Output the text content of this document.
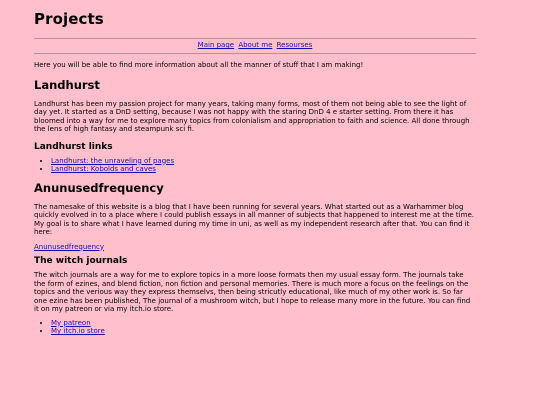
Projects
Main page About me Resourses

Here you will be able to find more information about all the manner of stuff that I am making!

Landhurst

Landhurst has been my passion project for many years, taking many forms, most of them not being able to see the light of day yet. It started as a DnD setting, because I was not happy with the staring DnD 4 e starter setting. From there it has bloomed into a way for me to explore many topics from colonialism and appropriation to faith and science. All done through the lens of high fantasy and steampunk sci fi.

Landhurst links
• Landhurst: the unraveling of pages
• Landhurst: Kobolds and caves
Anunusedfrequency

The namesake of this website is a blog that I have been running for several years. What started out as a Warhammer blog quickly evolved in to a place where I could publish essays in all manner of subjects that happened to interest me at the time. My goal is to share what I have learned during my time in uni, as well as my independent research after that. You can find it here:

Anunusedfrequency

The witch journals

The witch journals are a way for me to explore topics in a more loose formats then my usual essay form. The journals take the form of ezines, and blend fiction, non fiction and personal memories. There is much more a focus on the feelings on the topics and the verious way they express themselvs, then being stricutly educational, like much of my other work is. So far one ezine has been published, The journal of a mushroom witch, but I hope to release many more in the future. You can find it on my patreon or via my itch.io store.

• My patreon
• My itch.io store
